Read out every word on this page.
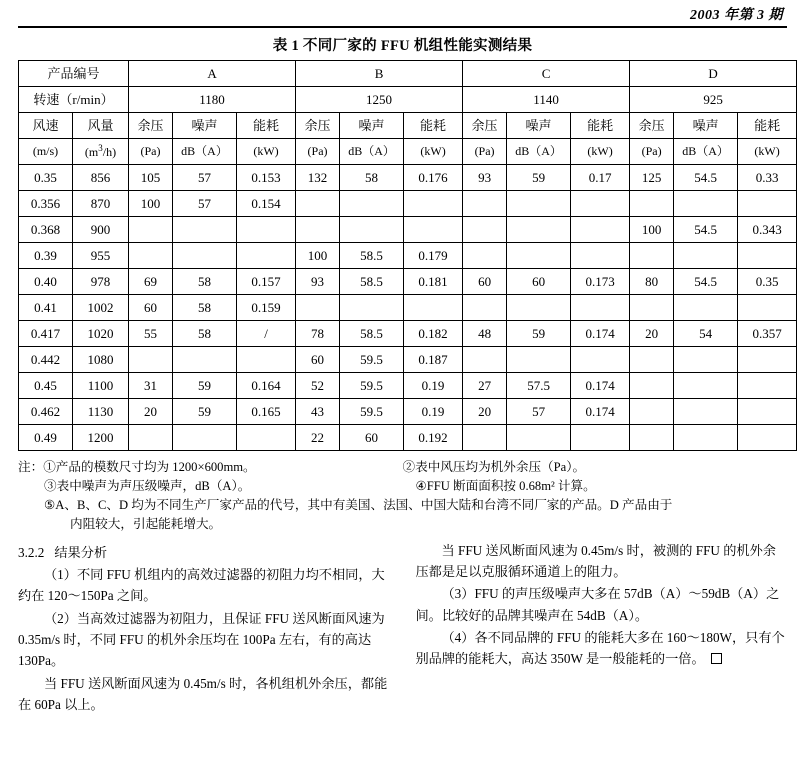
2003 年第 3 期
表 1 不同厂家的 FFU 机组性能实测结果
产品编号		A			B			C			D		
转速（r/min）		1180			1250			1140			925		
风速	风量	余压	噪声	能耗	余压	噪声	能耗	余压	噪声	能耗	余压	噪声	能耗
(m/s)	$(m^3/h)$	(Pa)	dB（A）	(kW)	(Pa)	dB（A）	(kW)	(Pa)	dB（A）	(kW)	(Pa)	dB（A）	(kW)
0.35	856	105	57	0.153	132	58	0.176	93	59	0.17	125	54.5	0.33
0.356	870	100	57	0.154									
0.368	900										100	54.5	0.343
0.39	955				100	58.5	0.179						
0.40	978	69	58	0.157	93	58.5	0.181	60	60	0.173	80	54.5	0.35
0.41	1002	60	58	0.159									
0.417	1020	55	58	/	78	58.5	0.182	48	59	0.174	20	54	0.357
0.442	1080				60	59.5	0.187						
0.45	1100	31	59	0.164	52	59.5	0.19	27	57.5	0.174			
0.462	1130	20	59	0.165	43	59.5	0.19	20	57	0.174			
0.49	1200				22	60	0.192						
注：①产品的模数尺寸均为 1200×600mm。	②表中风压均为机外余压（Pa）。
③表中噪声为声压级噪声，dB（A）。	④FFU 断面面积按 0.68m² 计算。
⑤A、B、C、D 均为不同生产厂家产品的代号，其中有美国、法国、中国大陆和台湾不同厂家的产品。D 产品由于
内阻较大，引起能耗增大。
3.2.2 结果分析

（1）不同 FFU 机组内的高效过滤器的初阻力均不相同，大约在 120～150Pa 之间。

（2）当高效过滤器为初阻力，且保证 FFU 送风断面风速为 0.35m/s 时，不同 FFU 的机外余压均在 100Pa 左右，有的高达 130Pa。

当 FFU 送风断面风速为 0.45m/s 时，各机组机外余压，都能在 60Pa 以上。

当 FFU 送风断面风速为 0.45m/s 时，被测的 FFU 的机外余压都是足以克服循环通道上的阻力。

（3）FFU 的声压级噪声大多在 57dB（A）～59dB（A）之间。比较好的品牌其噪声在 54dB（A）。

（4）各不同品牌的 FFU 的能耗大多在 160～180W，只有个别品牌的能耗大，高达 350W 是一般能耗的一倍。
